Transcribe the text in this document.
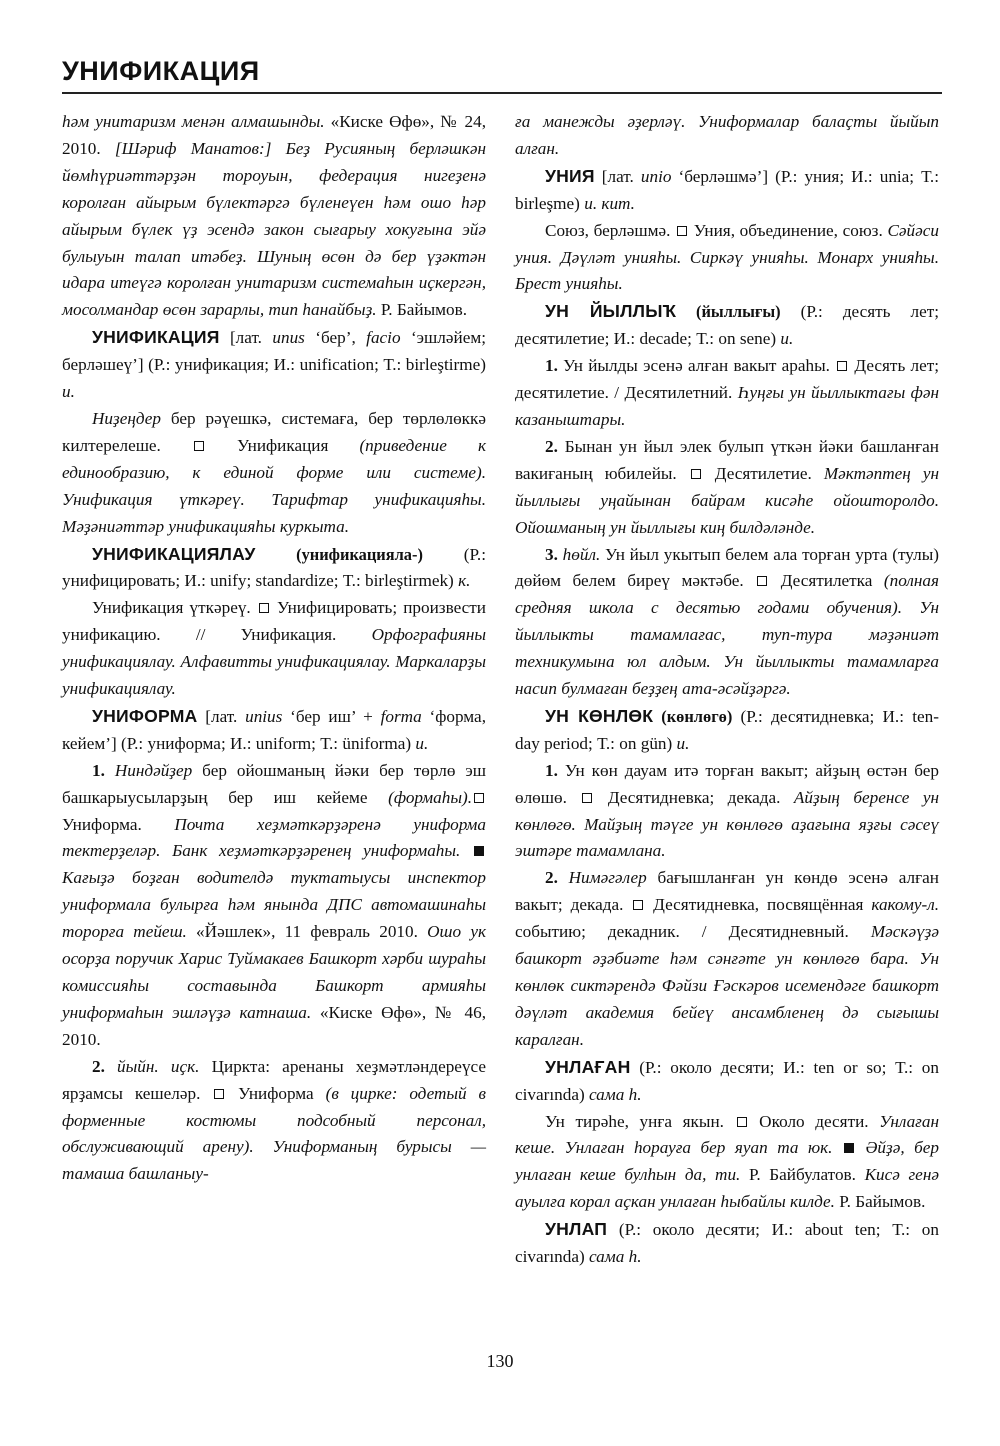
УНИФИКАЦИЯ

һәм унитаризм менән алмашынды. «Киске Өфө», № 24, 2010. [Шәриф Манатов:] Беҙ Русияның берләшкән йөмһүриәттәрҙән тороуын, федерация нигеҙенә королған айырым бүлектәргә бүленеүен һәм ошо һәр айырым бүлек үҙ эсендә закон сығарыу хокуғына эйә булыуын талап итәбеҙ. Шуның өсөн дә бер үҙәктән идара итеүгә королған унитаризм системаһын иҫкергән, мосолмандар өсөн зарарлы, тип һанайбыҙ. Р. Байымов.

УНИФИКАЦИЯ [лат. unus ‘бер’, facio ‘эшләйем; берләшеү’] (Р.: унификация; И.: unification; Т.: birleştirme) и.

Ниҙеңдер бер рәүешкә, системаға, бер төрлөлөккә килтерелеше.  Унификация (приведение к единообразию, к единой форме или системе). Унификация үткәреү. Тарифтар унификацияһы. Мәҙәниәттәр унификацияһы куркыта.

УНИФИКАЦИЯЛАУ (унификациялa-) (Р.: унифицировать; И.: unify; standardize; Т.: birleştirmek) к.

Унификация үткәреү.  Унифицировать; произвести унификацию. // Унификация. Орфографияны унификациялау. Алфавитты унификациялау. Маркаларҙы унификациялау.

УНИФОРМА [лат. unius ‘бер иш’ + forma ‘форма, кейем’] (Р.: униформа; И.: uniform; Т.: üniforma) и.

1. Ниндәйҙер бер ойошманың йәки бер төрлө эш башкарыусыларҙың бер иш кейеме (формаһы). Униформа. Почта хеҙмәткәрҙәренә униформа тектерҙеләр. Банк хеҙмәткәрҙәренең униформаһы.  Кағыҙә боҙған водителдә туктатыусы инспектор униформала булырға һәм янында ДПС автомашинаһы торорға тейеш. «Йәшлек», 11 февраль 2010. Ошо ук осорҙа поручик Харис Туймакаев Башкорт хәрби шураһы комиссияһы составында Башкорт армияһы униформаһын эшләүҙә катнаша. «Киске Өфө», № 46, 2010.

2. йыйн. иҫк. Циркта: аренаны хеҙмәтләндереүсе ярҙамсы кешеләр.  Униформа (в цирке: одетый в форменные костюмы подсобный персонал, обслуживающий арену). Униформаның бурысы — тамаша башланыу-

ға манежды әҙерләү. Униформалар балаҫты йыйып алған.

УНИЯ [лат. unio ‘берләшмә’] (Р.: уния; И.: unia; Т.: birleşme) и. кит.

Союз, берләшмә.  Уния, объединение, союз. Сәйәси уния. Дәүләт унияһы. Сиркәү унияһы. Монарх унияһы. Брест унияһы.

УН ЙЫЛЛЫҠ (йыллығы) (Р.: десять лет; десятилетие; И.: decade; Т.: on sene) и.

1. Ун йылды эсенә алған вакыт араһы.  Десять лет; десятилетие. / Десятилетний. Һуңғы ун йыллыктағы фән казаныштары.

2. Бынан ун йыл элек булып үткән йәки башланған вакиғаның юбилейы.  Десятилетие. Мәктәптең ун йыллығы уңайынан байрам кисәһе ойошторолдо. Ойошманың ун йыллығы киң билдәләнде.

3. һөйл. Ун йыл укытып белем ала торған урта (тулы) дөйөм белем биреү мәктәбе.  Десятилетка (полная средняя школа с десятью годами обучения). Ун йыллыкты тамамлағас, туп-тура мәҙәниәт техникумына юл алдым. Ун йыллыкты тамамларға насип булмаған беҙҙең ата-әсәйҙәргә.

УН КӨНЛӨК (көнлөгө) (Р.: десятидневка; И.: ten-day period; Т.: on gün) и.

1. Ун көн дауам итә торған вакыт; айҙың өстән бер өлөшө.  Десятидневка; декада. Айҙың беренсе ун көнлөгө. Майҙың тәүге ун көнлөгө аҙағына яҙғы сәсеү эштәре тамамлана.

2. Нимәгәлер бағышланған ун көндө эсенә алған вакыт; декада.  Десятидневка, посвящённая какому-л. событию; декадник. / Десятидневный. Мәскәүҙә башкорт әҙәбиәте һәм сәнғәте ун көнлөгө бара. Ун көнлөк сиктәрендә Фәйзи Ғәскәров исемендәге башкорт дәүләт академия бейеү ансамбленең дә сығышы каралған.

УНЛАҒАН (Р.: около десяти; И.: ten or so; Т.: on civarında) сама һ.

Ун тирәһе, унға якын.  Около десяти. Унлаған кеше. Унлаған һорауға бер яуап та юк. Әйҙә, бер унлаған кеше булһын да, ти. Р. Байбулатов. Кисә генә ауылға корал аҫкан унлаған һыбайлы килде. Р. Байымов.

УНЛАП (Р.: около десяти; И.: about ten; Т.: on civarında) сама һ.

130
